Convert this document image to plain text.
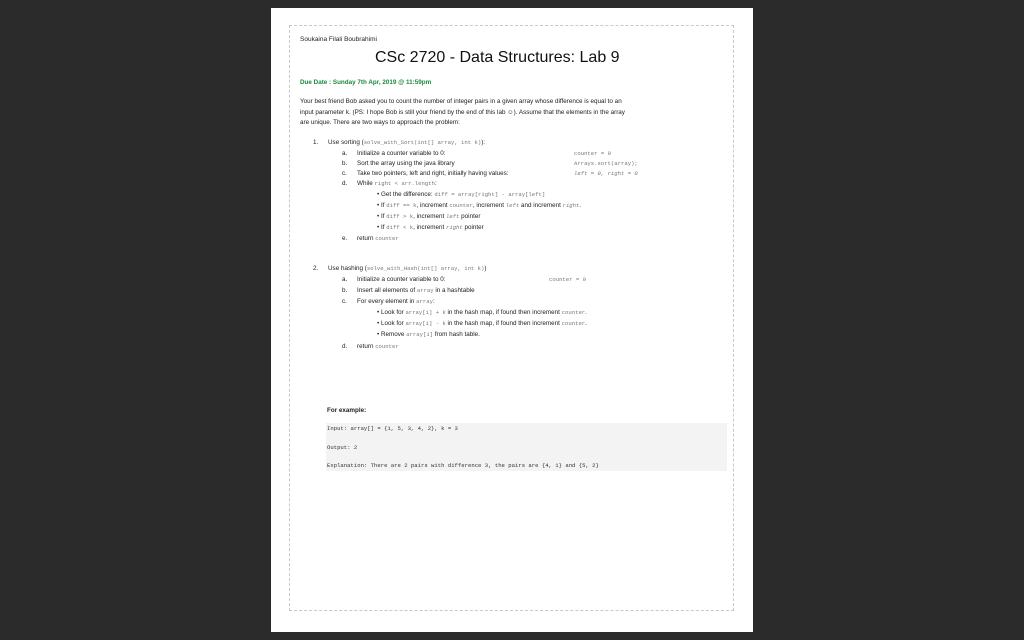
Soukaina Filali Boubrahimi
CSc 2720 - Data Structures: Lab 9
Due Date : Sunday 7th Apr, 2019 @ 11:59pm
Your best friend Bob asked you to count the number of integer pairs in a given array whose difference is equal to an
input parameter k. (PS: I hope Bob is still your friend by the end of this lab ☺). Assume that the elements in the array
are unique. There are two ways to approach the problem:
1. Use sorting (solve_with_Sort(int[] array, int k)):
a. Initialize a counter variable to 0:	counter = 0
b. Sort the array using the java library	Arrays.sort(array);
c. Take two pointers, left and right, initially having values:	left = 0, right = 0
d. While right < arr.length:
• Get the difference: diff = array[right] - array[left]
• If diff == k, increment counter, increment left and increment right.
• If diff > k, increment left pointer
• If diff < k, increment right pointer
e. return counter
2. Use hashing (solve_with_Hash(int[] array, int k))
a. Initialize a counter variable to 0:	counter = 0
b. Insert all elements of array in a hashtable
c. For every element in array:
• Look for array[i] + k in the hash map, if found then increment counter.
• Look for array[i] - k in the hash map, if found then increment counter.
• Remove array[i] from hash table.
d. return counter
For example:
Input: array[] = {1, 5, 3, 4, 2}, k = 3
Output: 2
Explanation: There are 2 pairs with difference 3, the pairs are {4, 1} and {5, 2}
